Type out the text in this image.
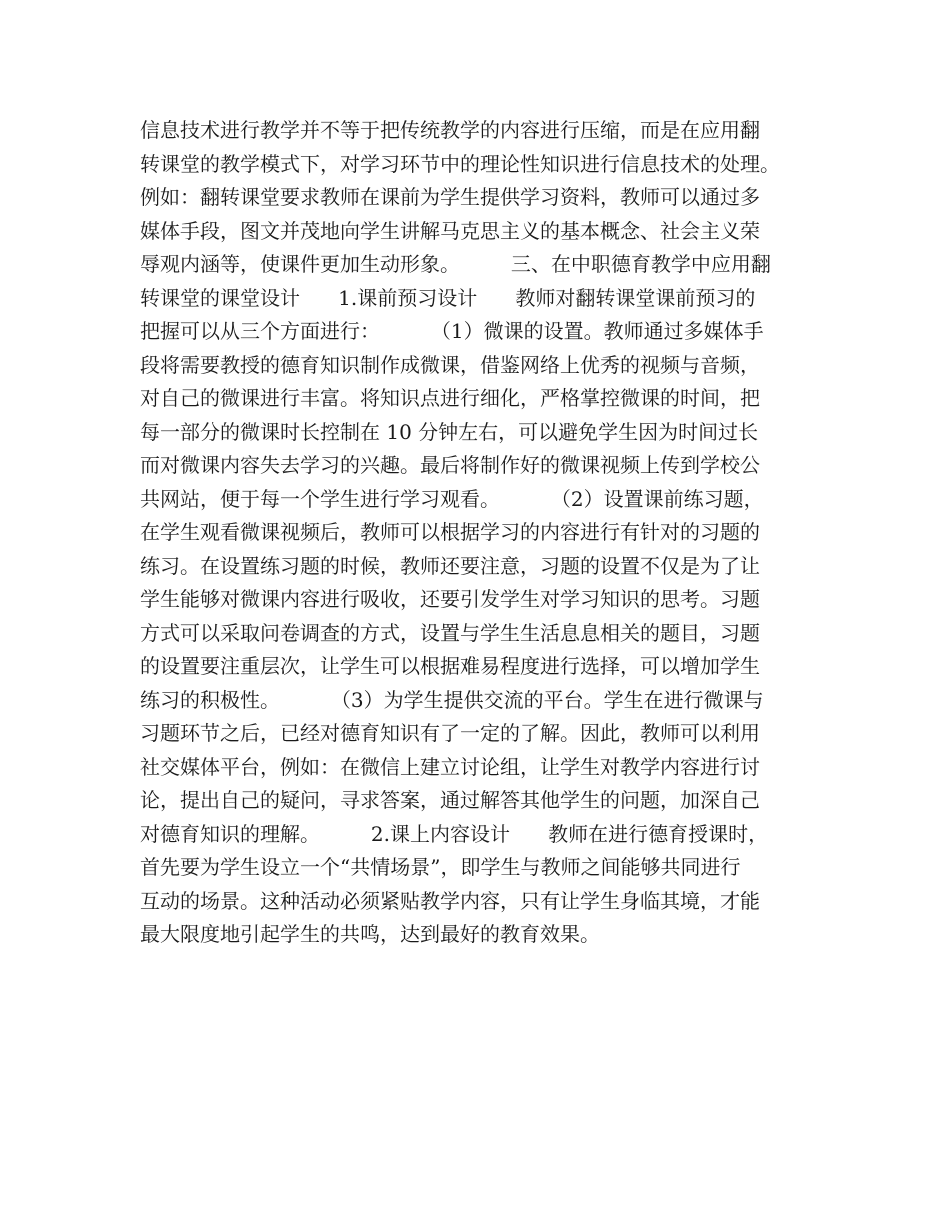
信息技术进行教学并不等于把传统教学的内容进行压缩，而是在应用翻
转课堂的教学模式下，对学习环节中的理论性知识进行信息技术的处理。
例如：翻转课堂要求教师在课前为学生提供学习资料，教师可以通过多
媒体手段，图文并茂地向学生讲解马克思主义的基本概念、社会主义荣
辱观内涵等，使课件更加生动形象。        三、在中职德育教学中应用翻
转课堂的课堂设计      1.课前预习设计      教师对翻转课堂课前预习的
把握可以从三个方面进行：        （1）微课的设置。教师通过多媒体手
段将需要教授的德育知识制作成微课，借鉴网络上优秀的视频与音频，
对自己的微课进行丰富。将知识点进行细化，严格掌控微课的时间，把
每一部分的微课时长控制在 10 分钟左右，可以避免学生因为时间过长
而对微课内容失去学习的兴趣。最后将制作好的微课视频上传到学校公
共网站，便于每一个学生进行学习观看。        （2）设置课前练习题，
在学生观看微课视频后，教师可以根据学习的内容进行有针对的习题的
练习。在设置练习题的时候，教师还要注意，习题的设置不仅是为了让
学生能够对微课内容进行吸收，还要引发学生对学习知识的思考。习题
方式可以采取问卷调查的方式，设置与学生生活息息相关的题目，习题
的设置要注重层次，让学生可以根据难易程度进行选择，可以增加学生
练习的积极性。        （3）为学生提供交流的平台。学生在进行微课与
习题环节之后，已经对德育知识有了一定的了解。因此，教师可以利用
社交媒体平台，例如：在微信上建立讨论组，让学生对教学内容进行讨
论，提出自己的疑问，寻求答案，通过解答其他学生的问题，加深自己
对德育知识的理解。        2.课上内容设计      教师在进行德育授课时，
首先要为学生设立一个“共情场景”，即学生与教师之间能够共同进行
互动的场景。这种活动必须紧贴教学内容，只有让学生身临其境，才能
最大限度地引起学生的共鸣，达到最好的教育效果。
